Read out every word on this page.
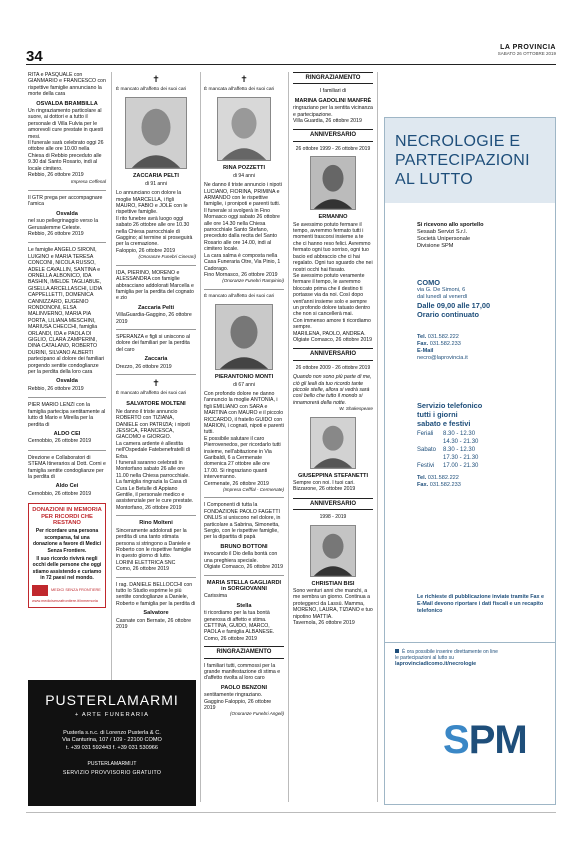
34
LA PROVINCIA
SABATO 26 OTTOBRE 2019
RITA e PASQUALE con GIANMARIO e FRANCESCO con rispettive famiglie annunciano la morte della cara
OSVALDA BRAMBILLA
Un ringraziamento particolare al suore, ai dottori e a tutto il personale di Villa Fulvia per le amorevoli cure prestate in questi mesi.
Il funerale sarà celebrato oggi 26 ottobre alle ore 10.00 nella Chiesa di Rebbio preceduto alle 9.30 dal Santo Rosario, indi al locale cimitero.
Rebbio, 26 ottobre 2019
Impresa Ceffenal
Il GTR prega per accompagnare l'amica
Osvalda
nel suo pellegrinaggio verso la Gerusalemme Celeste.
Rebbio, 26 ottobre 2019
Le famiglie ANGELO SIRONI, LUIGINO e MARIA TERESA CONCONI, NICOLA RUSSO, ADELE CAVALLIN, SANTINA e ORNELLA ALBONICO, IDA BASHIN, IMELDE TAGLIABUE, GISELLA ARCELLASCHI, LIDIA CAPPELLETTI, DOMENICA CANNIZZARO, EUGENIO RONDONONI, ELSA MALINVERNO, MARIA PIA PORTA, LILIANA MESCHINI, MARIUSA CHECCHI, famiglia ORLANDI, IDA e PAOLA DI GIGLIO, CLARA ZAMPERINI, DINA CATALANO, ROBERTO DURINI, SILVANO ALBERTI partecipano al dolore dei familiari porgendo sentite condoglianze per la perdita della loro cara
Osvalda
Rebbio, 26 ottobre 2019
PIER MARIO LENZI con la famiglia partecipa sentitamente al lutto di Mario e Mirella per la perdita di
ALDO CEI
Cernobbio, 26 ottobre 2019
Direzione e Collaboratori di STEMA Itinerarios al Dott. Corni e famiglia sentite condoglianze per la perdita di
Aldo Cei
Cernobbio, 26 ottobre 2019
DONAZIONI IN MEMORIA
PER RICORDI CHE RESTANO
Per ricordare una persona scomparsa, fai una donazione a favore di Medici Senza Frontiere.
Il suo ricordo rivivrà negli occhi delle persone che oggi stiamo assistendo e curiamo in 72 paesi nel mondo.
MEDICI SENZA FRONTIERE
www.medicisenzafrontiere.it/inmemoria
✝
È mancato all'affetto dei suoi cari
ZACCARIA PELTI
di 91 anni
Lo annunciano con dolore la moglie MARCELLA, i figli MAURO, FABIO e JOLE con le rispettive famiglie.
Il rito funebre avrà luogo oggi sabato 26 ottobre alle ore 10.30 nella Chiesa parrocchiale di Gaggino; al termine si proseguirà per la cremazione.
Faloppio, 26 ottobre 2019
(Onoranze Funebri Cinerari)
IDA, PIERINO, MORENO e ALESSANDRA con famiglie abbracciano addolorati Marcella e famiglia per la perdita del cognato e zio
Zaccaria Pelti
VillaGuardia-Gaggino, 26 ottobre 2019
SPERANZA e figli si uniscono al dolore dei familiari per la perdita del caro
Zaccaria
Drezzo, 26 ottobre 2019
✝
È mancato all'affetto dei suoi cari
SALVATORE MOLTENI
Ne danno il triste annuncio ROBERTO con TIZIANA, DANIELE con PATRIZIA; i nipoti JESSICA, FRANCESCA, GIACOMO e GIORGIO.
La camera ardente è allestita nell'Ospedale Fatebenefratelli di Erba.
I funerali saranno celebrati in Montorfano sabato 26 alle ore 11.00 nella Chiesa parrocchiale. La famiglia ringrazia la Casa di Cura Le Betulle di Appiano Gentile, il personale medico e assistenziale per le cure prestate.
Montorfano, 26 ottobre 2019
Rino Molteni
Sinceramente addolorati per la perdita di una tanto stimata persona si stringono a Daniele e Roberto con le rispettive famiglie in questo giorno di lutto.
LORINI ELETTRICA SNC
Como, 26 ottobre 2019
I rag. DANIELE BELLOCCHI con tutto lo Studio esprime le più sentite condoglianze a Daniele, Roberto e famiglia per la perdita di
Salvatore
Casnate con Bernate, 26 ottobre 2019
✝
È mancata all'affetto dei suoi cari
RINA POZZETTI
di 94 anni
Ne danno il triste annuncio i nipoti LUCIANO, FIORINA, PRIMINA e ARMANDO con le rispettive famiglie, i pronipoti e parenti tutti.
Il funerale si svolgerà in Fino Mornasco oggi sabato 26 ottobre alle ore 14.30 nella Chiesa parrocchiale Santo Stefano, preceduto dalla recita del Santo Rosario alle ore 14.00, indi al cimitero locale.
La cara salma è composta nella Casa Funeraria Otre, Via Pinio, 1 Cadorago.
Fino Mornasco, 26 ottobre 2019
(Onoranze Funebri Rampinini)
È mancato all'affetto dei suoi cari
PIERANTONIO MONTI
di 67 anni
Con profondo dolore ne danno l'annuncio la moglie ANTONIA, i figli EMILIANO con SARA e MARTINA con MAURO e il piccolo RICCARDO, il fratello GUIDO con MARION, i cognati, nipoti e parenti tutti.
E possibile salutare il caro Pierrovenedos, per ricordarlo tutti insieme, nell'abitazione in Via Garibaldi, 6 a Cermenate domenica 27 ottobre alle ore 17.00. Si ringraziano quanti interverranno.
Cermenate, 26 ottobre 2019
(Impresa Cefffal - Cermenate)
I Componenti di tutta la FONDAZIONE PAOLO FAGETTI ONLUS si uniscono nel dolore, in particolare a Sabrina, Simonetta, Sergio, con le rispettive famiglie, per la dipartita di papà
BRUNO BOTTONI
invocando il Dio della bontà con una preghiera speciale.
Olgiate Comasco, 26 ottobre 2019
MARIA STELLA GAGLIARDI in SORGIOVANNI
Carissima
Stella
ti ricordiamo per la tua bontà generosa di affetto e stima. CETTINA, GUIDO, MARCO, PAOLA e famiglia ALBANESE.
Como, 26 ottobre 2019
RINGRAZIAMENTO
I familiari tutti, commossi per la grande manifestazione di stima e d'affetto rivolta al loro caro
PAOLO BENZONI
sentitamente ringraziano.
Gaggino Faloppio, 26 ottobre 2019
(Onoranze Funebri Angeli)
RINGRAZIAMENTO
I familiari di
MARINA GADOLINI MANFRÈ
ringraziano per la sentita vicinanza e partecipazione.
Villa Guardia, 26 ottobre 2019
ANNIVERSARIO
26 ottobre 1999 - 26 ottobre 2019
ERMANNO
Se avessimo potuto fermare il tempo, avremmo fermato tutti i momenti trascorsi insieme a te che ci hanno reso felici. Avremmo fermato ogni tuo sorriso, ogni tuo bacio ed abbraccio che ci hai regalato. Ogni tuo sguardo che nei nostri occhi hai fissato.
Se avessimo potuto veramente fermare il tempo, le avremmo bloccato prima che il destino ti portasse via da noi. Così dopo vent'anni insieme solo e sempre un profondo dolore tatuato dentro che non si cancellerà mai.
Con immenso amore ti ricordiamo sempre.
MARILENA, PAOLO, ANDREA.
Olgiate Comasco, 26 ottobre 2019
ANNIVERSARIO
26 ottobre 2009 - 26 ottobre 2019
Quando non sono più parte di me, ciò gli leali da tuo ricordo tante piccole stelle, allora si vedrà sarà così bello che tutto il mondo si innamorerà della notte.
W. Shakespeare
GIUSEPPINA STEFANETTI
Sempre con noi. I tuoi cari.
Bizzarone, 26 ottobre 2019
ANNIVERSARIO
1998 - 2019
CHRISTIAN BISI
Sono venturi anni che manchi, a me sembra un giorno. Continua a proteggerci da Lassù. Mamma, MORENO, LAURA, TIZIANO e tuo nipotino MATTIA.
Tavernola, 26 ottobre 2019
NECROLOGIE E
PARTECIPAZIONI
AL LUTTO
Si ricevono allo sportello
Sesaab Servizi S.r.l.
Società Unipersonale
Divisione SPM
COMO
via G. De Simoni, 6
dal lunedì al venerdì
Dalle 09,00 alle 17,00
Orario continuato
Tel. 031.582.222
Fax. 031.582.233
E-Mail
necro@laprovincia.it
Servizio telefonico
tutti i giorni
sabato e festivi
Feriali	8.30 - 12.30
14.30 - 21.30
Sabato	8.30 - 12.30
17.30 - 21.30
Festivi	17.00 - 21.30
Tel. 031.582.222
Fax. 031.582.233
Le richieste di pubblicazione inviate tramite Fax e E-Mail devono riportare i dati fiscali e un recapito telefonico
È ora possibile inserire direttamente on line
le partecipazioni al lutto su
laprovinciadicomo.it/necrologie
SPM
PUSTERLAMARMI
+ ARTE FUNERARIA
Pusterla s.n.c. di Lorenzo Pusterla & C.
Via Canturina, 107 / 109 - 22100 COMO
t. +39 031 592443 f. +39 031 530966
PUSTERLAMARMI.IT
SERVIZIO PROVVISORIO GRATUITO
